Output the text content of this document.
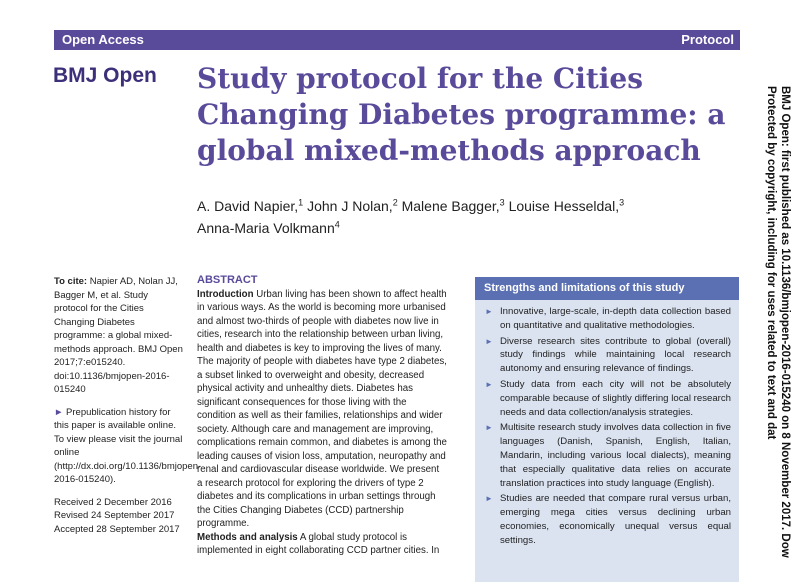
Open Access	Protocol
BMJ Open Study protocol for the Cities Changing Diabetes programme: a global mixed-methods approach
A. David Napier,$^1$ John J Nolan,$^2$ Malene Bagger,$^3$ Louise Hesseldal,$^3$
Anna-Maria Volkmann$^4$

To cite: Napier AD, Nolan JJ, Bagger M, et al. Study protocol for the Cities Changing Diabetes programme: a global mixed-methods approach. BMJ Open 2017;7:e015240. doi:10.1136/bmjopen-2016-015240

► Prepublication history for this paper is available online. To view please visit the journal online (http://dx.doi.org/10.1136/bmjopen-2016-015240).

Received 2 December 2016
Revised 24 September 2017
Accepted 28 September 2017

ABSTRACT

Introduction Urban living has been shown to affect health in various ways. As the world is becoming more urbanised and almost two-thirds of people with diabetes now live in cities, research into the relationship between urban living, health and diabetes is key to improving the lives of many. The majority of people with diabetes have type 2 diabetes, a subset linked to overweight and obesity, decreased physical activity and unhealthy diets. Diabetes has significant consequences for those living with the condition as well as their families, relationships and wider society. Although care and management are improving, complications remain common, and diabetes is among the leading causes of vision loss, amputation, neuropathy and renal and cardiovascular disease worldwide. We present a research protocol for exploring the drivers of type 2 diabetes and its complications in urban settings through the Cities Changing Diabetes (CCD) partnership programme.

Methods and analysis A global study protocol is implemented in eight collaborating CCD partner cities. In

Strengths and limitations of this study
► Innovative, large-scale, in-depth data collection based on quantitative and qualitative methodologies.
► Diverse research sites contribute to global (overall) study findings while maintaining local research autonomy and ensuring relevance of findings.
► Study data from each city will not be absolutely comparable because of slightly differing local research needs and data collection/analysis strategies.
► Multisite research study involves data collection in five languages (Danish, Spanish, English, Italian, Mandarin, including various local dialects), meaning that especially qualitative data relies on accurate translation practices into study language (English).
► Studies are needed that compare rural versus urban, emerging mega cities versus declining urban economies, economically unequal versus equal settings.	BMJ Open: first published as 10.1136/bmjopen-2016-015240 on 8 November 2017. Dow
Protected by copyright, including for uses related to text and dat
